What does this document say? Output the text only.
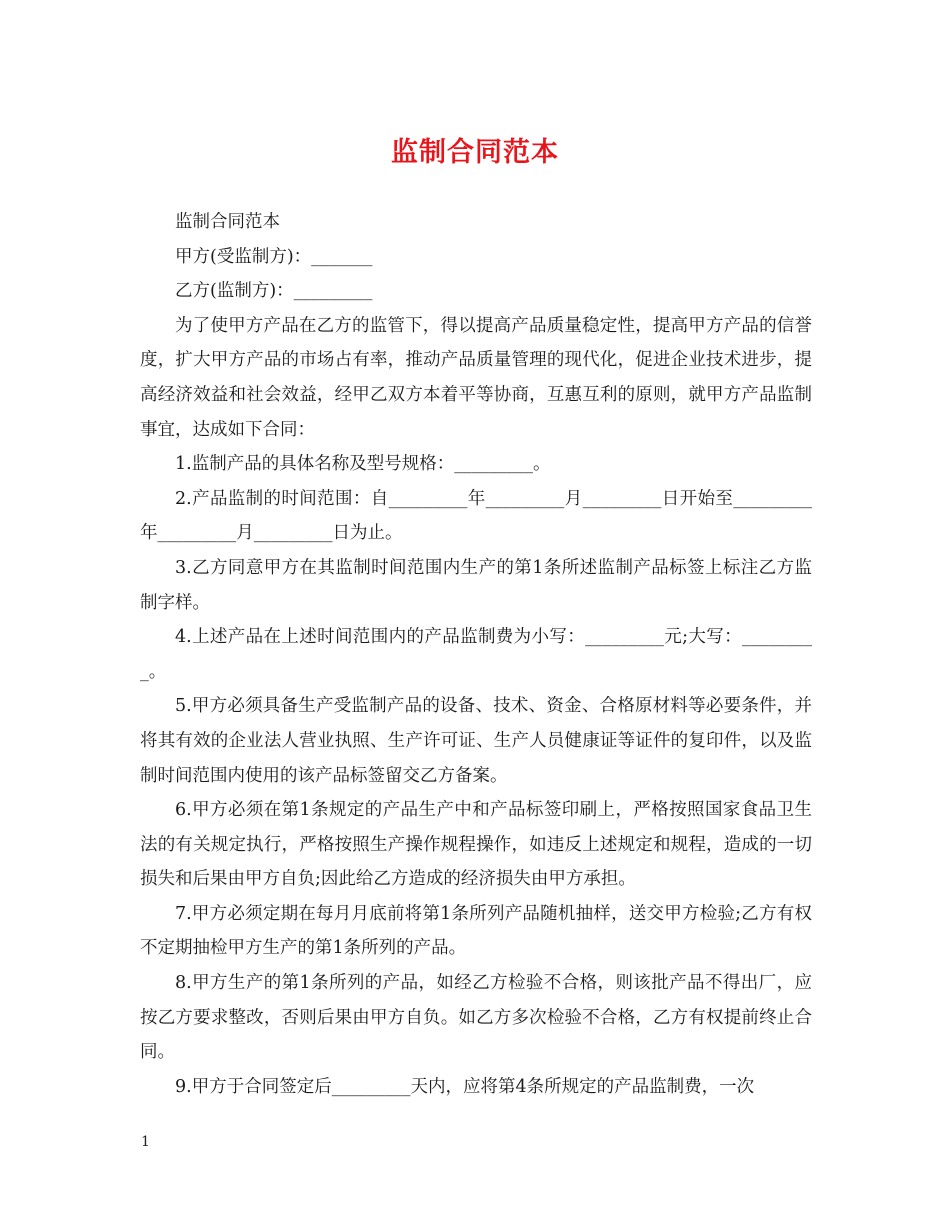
监制合同范本

监制合同范本

甲方(受监制方)：_______

乙方(监制方)：_________

为了使甲方产品在乙方的监管下，得以提高产品质量稳定性，提高甲方产品的信誉度，扩大甲方产品的市场占有率，推动产品质量管理的现代化，促进企业技术进步，提高经济效益和社会效益，经甲乙双方本着平等协商，互惠互利的原则，就甲方产品监制事宜，达成如下合同：

1.监制产品的具体名称及型号规格：_________。

2.产品监制的时间范围：自_________年_________月_________日开始至_________年_________月_________日为止。

3.乙方同意甲方在其监制时间范围内生产的第1条所述监制产品标签上标注乙方监制字样。

4.上述产品在上述时间范围内的产品监制费为小写：_________元;大写：_________。

5.甲方必须具备生产受监制产品的设备、技术、资金、合格原材料等必要条件，并将其有效的企业法人营业执照、生产许可证、生产人员健康证等证件的复印件，以及监制时间范围内使用的该产品标签留交乙方备案。

6.甲方必须在第1条规定的产品生产中和产品标签印刷上，严格按照国家食品卫生法的有关规定执行，严格按照生产操作规程操作，如违反上述规定和规程，造成的一切损失和后果由甲方自负;因此给乙方造成的经济损失由甲方承担。

7.甲方必须定期在每月月底前将第1条所列产品随机抽样，送交甲方检验;乙方有权不定期抽检甲方生产的第1条所列的产品。

8.甲方生产的第1条所列的产品，如经乙方检验不合格，则该批产品不得出厂，应按乙方要求整改，否则后果由甲方自负。如乙方多次检验不合格，乙方有权提前终止合同。

9.甲方于合同签定后_________天内，应将第4条所规定的产品监制费，一次

1
